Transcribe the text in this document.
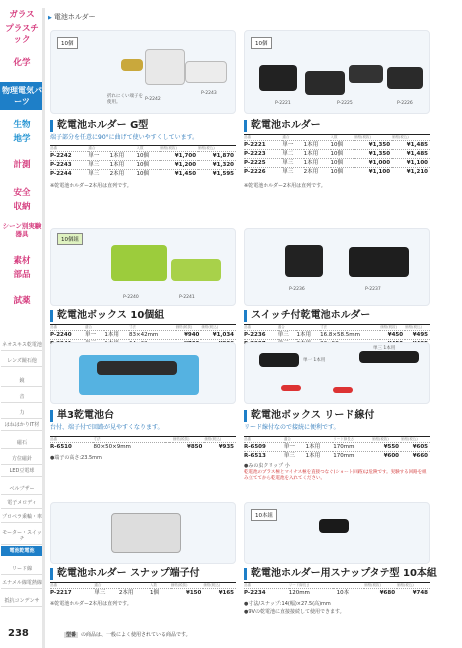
ガラス
プラスチック
化学
物理電気パーツ
生物
地学
計測
安全
収納
シーン別実験器具
素材
部品
試薬
ネオスキス乾電池
レンズ鏡石他
鏡
音
力
はねはかりIT材
磁石
方位磁針
LED豆電球
ベルブザー
電子メロディ
プロペラ乗輪・車
モーター・スイッチ
電池乾電池
リード線
エナメル線電熱線
抵抗コンデンサ
▶ 電池ホルダー
10個
折れにくい端子を使用。
P-2242
P-2243
乾電池ホルダー G型
端子部分を任意に90°に曲げて使いやすくしています。
品番	適合		入数	価格(税抜)	価格(税込)
P-2242	単一	1本用	10個	¥1,700	¥1,870
P-2243	単三	1本用	10個	¥1,200	¥1,320
P-2244	単三	2本用	10個	¥1,450	¥1,595
※乾電池ホルダー2本用は直列です。
10個
P-2221	P-2225	P-2226
乾電池ホルダー
品番	適合		入数	価格(税抜)	価格(税込)
P-2221	単一	1本用	10個	¥1,350	¥1,485
P-2223	単二	1本用	10個	¥1,350	¥1,485
P-2225	単三	1本用	10個	¥1,000	¥1,100
P-2226	単三	2本用	10個	¥1,100	¥1,210
※乾電池ホルダー2本用は直列です。
10個組
P-2240	P-2241
乾電池ボックス 10個組
品番	適合		寸法	価格(税抜)	価格(税込)
P-2240	単一	1本用	83×42mm	¥940	¥1,034

P-2236	P-2237
スイッチ付乾電池ホルダー
品番	適合		寸法	価格(税抜)	価格(税込)
P-2236	単三	1本用	16.8×58.5mm	¥450	¥495

単3乾電池台
台付、端子付で回路が見やすくなります。
品番	寸法			価格(税抜)	価格(税込)
R-6510	80×50×9mm			¥850	¥935
●端子の高さ:23.5mm
単一 1本用
単三 1本用
乾電池ボックス リード線付
リード線付なので接続に便利です。
品番	適合		リード線長さ	価格(税抜)	価格(税込)
R-6509	単一	1本用	170mm	¥550	¥605
R-6513	単三	1本用	170mm	¥600	¥660
●みの虫クリップ 小
乾電池のプラス極とマイナス極を直接つなぐ(ショート回路)は危険です。実験する回路を組み立ててから乾電池を入れてください。
乾電池ホルダー スナップ端子付
品番	適合		入数	価格(税抜)	価格(税込)
P-2217	単三	2本用	1個	¥150	¥165
※乾電池ホルダー2本用は直列です。
10本組
乾電池ホルダー用スナップタテ型 10本組
品番	リード線長さ			価格(税抜)	価格(税込)
P-2234	120mm		10本	¥680	¥748
●寸法/スナップ:14(幅)×27.5(高)mm
●9Vの乾電池に直接接続して使用できます。
238	型番 の商品は、一般によく使用されている商品です。
